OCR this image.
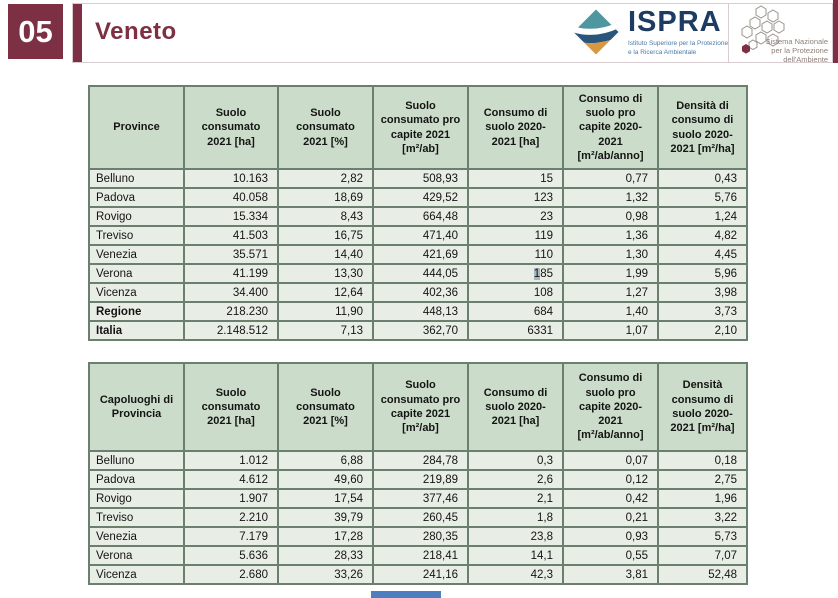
05 Veneto	ISPRA
Istituto Superiore per la Protezione
e la Ricerca Ambientale
Sistema Nazionale
per la Protezione
dell'Ambiente
Province	Suolo consumato 2021 [ha]	Suolo consumato 2021 [%]	Suolo consumato pro capite 2021 [m²/ab]	Consumo di suolo 2020-2021 [ha]	Consumo di suolo pro capite 2020-2021 [m²/ab/anno]	Densità di consumo di suolo 2020-2021 [m²/ha]
Belluno	10.163	2,82	508,93	15	0,77	0,43
Padova	40.058	18,69	429,52	123	1,32	5,76
Rovigo	15.334	8,43	664,48	23	0,98	1,24
Treviso	41.503	16,75	471,40	119	1,36	4,82
Venezia	35.571	14,40	421,69	110	1,30	4,45
Verona	41.199	13,30	444,05	185	1,99	5,96
Vicenza	34.400	12,64	402,36	108	1,27	3,98
Regione	218.230	11,90	448,13	684	1,40	3,73
Italia	2.148.512	7,13	362,70	6331	1,07	2,10
Capoluoghi di Provincia	Suolo consumato 2021 [ha]	Suolo consumato 2021 [%]	Suolo consumato pro capite 2021 [m²/ab]	Consumo di suolo 2020-2021 [ha]	Consumo di suolo pro capite 2020-2021 [m²/ab/anno]	Densità consumo di suolo 2020-2021 [m²/ha]
Belluno	1.012	6,88	284,78	0,3	0,07	0,18
Padova	4.612	49,60	219,89	2,6	0,12	2,75
Rovigo	1.907	17,54	377,46	2,1	0,42	1,96
Treviso	2.210	39,79	260,45	1,8	0,21	3,22
Venezia	7.179	17,28	280,35	23,8	0,93	5,73
Verona	5.636	28,33	218,41	14,1	0,55	7,07
Vicenza	2.680	33,26	241,16	42,3	3,81	52,48
